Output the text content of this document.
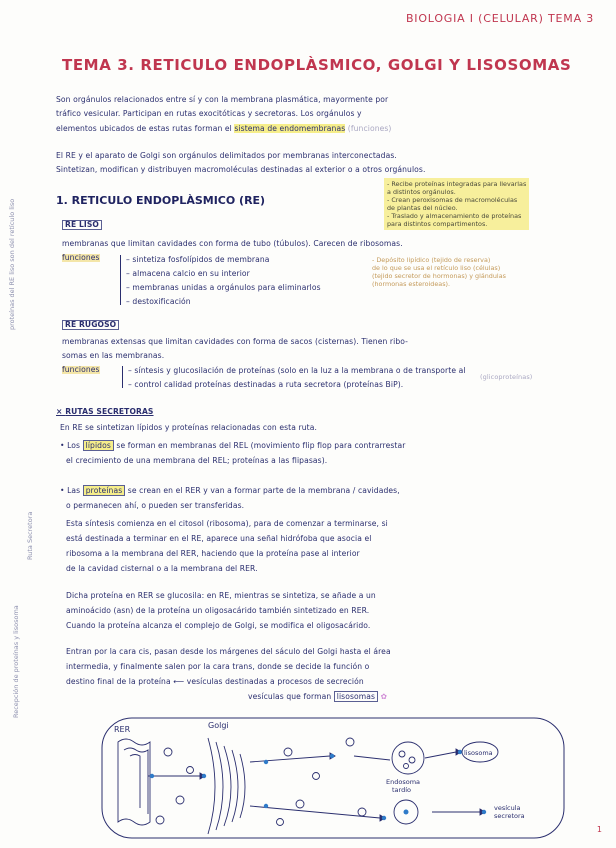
BIOLOGIA I (CELULAR) TEMA 3
TEMA 3. RETICULO ENDOPLÀSMICO, GOLGI Y LISOSOMAS
Son orgánulos relacionados entre sí y con la membrana plasmática, mayormente por
tráfico vesicular. Participan en rutas exocitóticas y secretoras. Los orgánulos y
elementos ubicados de estas rutas forman el sistema de endomembranas (funciones)
El RE y el aparato de Golgi son orgánulos delimitados por membranas interconectadas.
Sintetizan, modifican y distribuyen macromoléculas destinadas al exterior o a otros orgánulos.
1. RETICULO ENDOPLÀSMICO (RE)
- Recibe proteínas integradas para llevarlas
a distintos orgánulos.
- Crean peroxisomas de macromoléculas
de plantas del núcleo.
- Traslado y almacenamiento de proteínas
para distintos compartimentos.
RE LISO
membranas que limitan cavidades con forma de tubo (túbulos). Carecen de ribosomas.
funciones	– sintetiza fosfolípidos de membrana
– almacena calcio en su interior
– membranas unidas a orgánulos para eliminarlos
– destoxificación
- Depósito lipídico (tejido de reserva)
de lo que se usa el retículo liso (células)
(tejido secretor de hormonas) y glándulas
(hormonas esteroideas).
proteínas del RE liso son del retículo liso	RE RUGOSO
membranas extensas que limitan cavidades con forma de sacos (cisternas). Tienen ribo-
somas en las membranas.
funciones	– síntesis y glucosilación de proteínas (solo en la luz a la membrana o de transporte al
(glicoproteínas)
– control calidad proteínas destinadas a ruta secretora (proteínas BiP).
× RUTAS SECRETORAS
En RE se sintetizan lípidos y proteínas relacionadas con esta ruta.
• Los lípidos se forman en membranas del REL (movimiento flip flop para contrarrestar
el crecimiento de una membrana del REL; proteínas a las flipasas).
Ruta Secretora
• Las proteínas se crean en el RER y van a formar parte de la membrana / cavidades,
o permanecen ahí, o pueden ser transferidas.
Esta síntesis comienza en el citosol (ribosoma), para de comenzar a terminarse, si
está destinada a terminar en el RE, aparece una señal hidrófoba que asocia el
ribosoma a la membrana del RER, haciendo que la proteína pase al interior
de la cavidad cisternal o a la membrana del RER.
Dicha proteína en RER se glucosila: en RE, mientras se sintetiza, se añade a un
aminoácido (asn) de la proteína un oligosacárido también sintetizado en RER.
Cuando la proteína alcanza el complejo de Golgi, se modifica el oligosacárido.
Recepción de proteínas y lisosoma	Entran por la cara cis, pasan desde los márgenes del sáculo del Golgi hasta el área
intermedia, y finalmente salen por la cara trans, donde se decide la función o
destino final de la proteína ⟵ vesículas destinadas a procesos de secreción
vesículas que forman lisosomas ✿
RER	Golgi
Endosoma
tardío
lisosoma
vesícula
secretora
1
